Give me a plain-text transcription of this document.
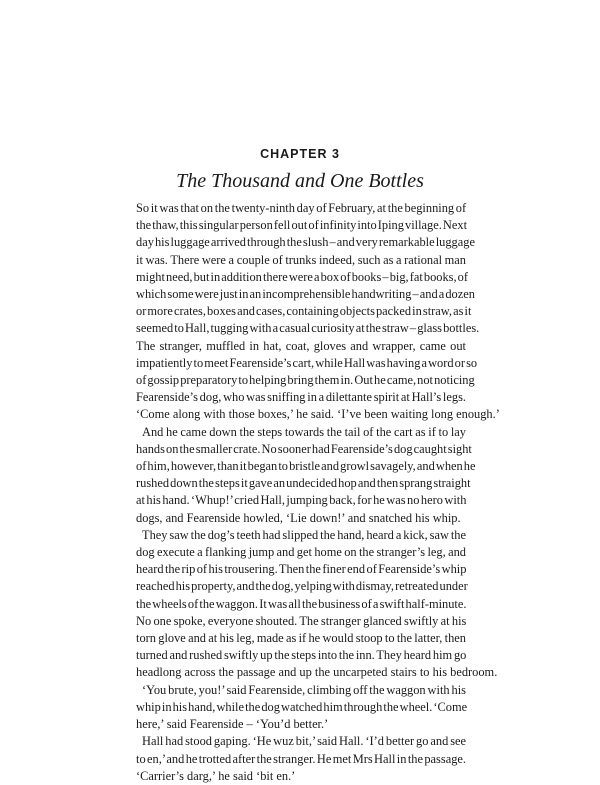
CHAPTER 3
The Thousand and One Bottles
So it was that on the twenty-ninth day of February, at the beginning of
the thaw, this singular person fell out of infinity into Iping village. Next
day his luggage arrived through the slush – and very remarkable luggage
it was. There were a couple of trunks indeed, such as a rational man
might need, but in addition there were a box of books – big, fat books, of
which some were just in an incomprehensible handwriting – and a dozen
or more crates, boxes and cases, containing objects packed in straw, as it
seemed to Hall, tugging with a casual curiosity at the straw – glass bottles.
The stranger, muffled in hat, coat, gloves and wrapper, came out
impatiently to meet Fearenside’s cart, while Hall was having a word or so
of gossip preparatory to helping bring them in. Out he came, not noticing
Fearenside’s dog, who was sniffing in a dilettante spirit at Hall’s legs.
‘Come along with those boxes,’ he said. ‘I’ve been waiting long enough.’
And he came down the steps towards the tail of the cart as if to lay
hands on the smaller crate. No sooner had Fearenside’s dog caught sight
of him, however, than it began to bristle and growl savagely, and when he
rushed down the steps it gave an undecided hop and then sprang straight
at his hand. ‘Whup!’ cried Hall, jumping back, for he was no hero with
dogs, and Fearenside howled, ‘Lie down!’ and snatched his whip.
They saw the dog’s teeth had slipped the hand, heard a kick, saw the
dog execute a flanking jump and get home on the stranger’s leg, and
heard the rip of his trousering. Then the finer end of Fearenside’s whip
reached his property, and the dog, yelping with dismay, retreated under
the wheels of the waggon. It was all the business of a swift half-minute.
No one spoke, everyone shouted. The stranger glanced swiftly at his
torn glove and at his leg, made as if he would stoop to the latter, then
turned and rushed swiftly up the steps into the inn. They heard him go
headlong across the passage and up the uncarpeted stairs to his bedroom.
‘You brute, you!’ said Fearenside, climbing off the waggon with his
whip in his hand, while the dog watched him through the wheel. ‘Come
here,’ said Fearenside – ‘You’d better.’
Hall had stood gaping. ‘He wuz bit,’ said Hall. ‘I’d better go and see
to en,’ and he trotted after the stranger. He met Mrs Hall in the passage.
‘Carrier’s darg,’ he said ‘bit en.’
